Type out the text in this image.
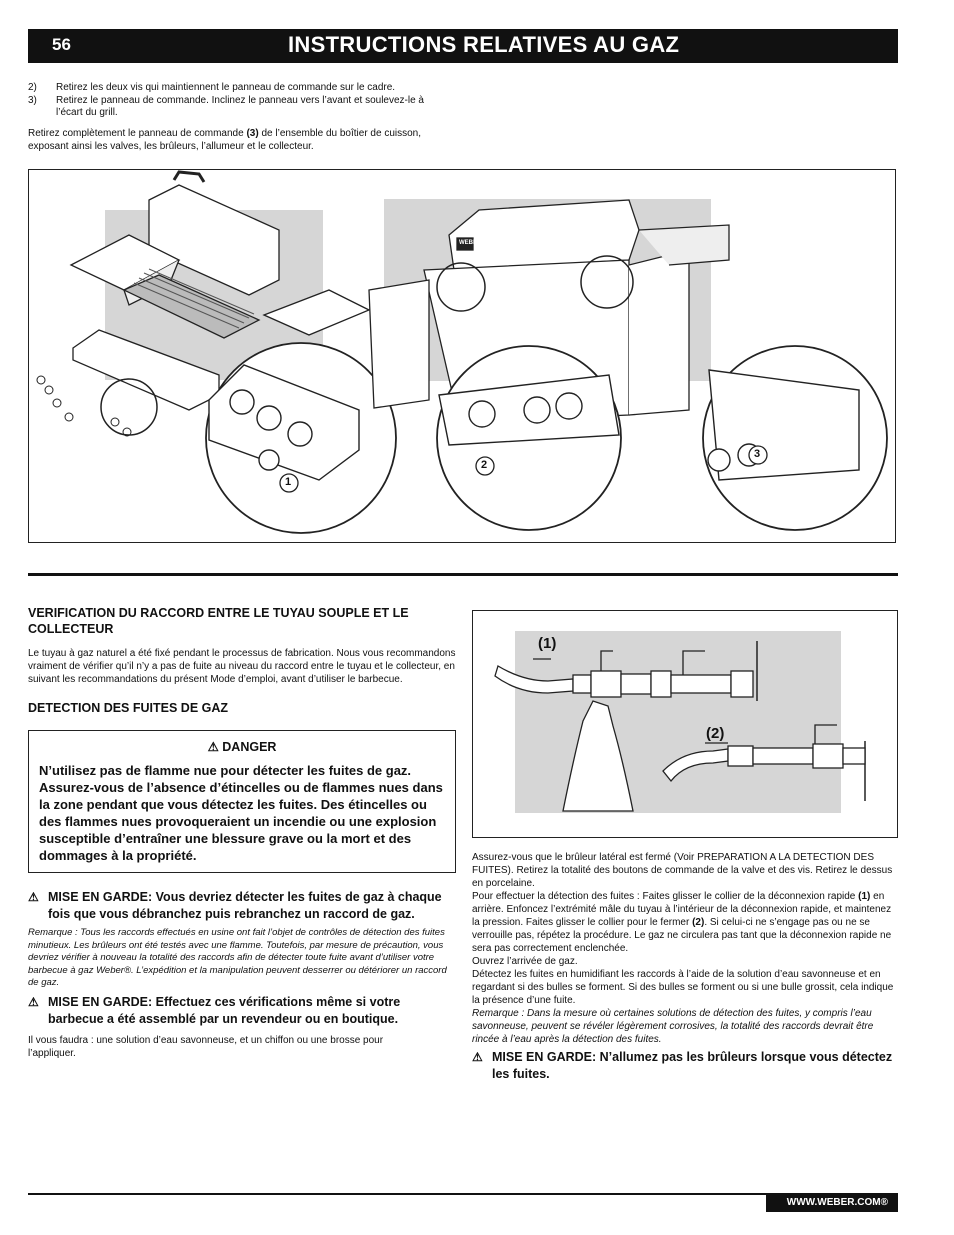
56	INSTRUCTIONS RELATIVES AU GAZ
2)	Retirez les deux vis qui maintiennent le panneau de commande sur le cadre.
3)	Retirez le panneau de commande. Inclinez le panneau vers l’avant et soulevez-le à l’écart du grill.
Retirez complètement le panneau de commande (3) de l’ensemble du boîtier de cuisson, exposant ainsi les valves, les brûleurs, l’allumeur et le collecteur.
1
2
3
WEBER
VERIFICATION DU RACCORD ENTRE LE TUYAU SOUPLE ET LE COLLECTEUR
Le tuyau à gaz naturel a été fixé pendant le processus de fabrication. Nous vous recommandons vraiment de vérifier qu’il n’y a pas de fuite au niveau du raccord entre le tuyau et le collecteur, en suivant les recommandations du présent Mode d’emploi, avant d’utiliser le barbecue.
DETECTION DES FUITES DE GAZ
⚠ DANGER
N’utilisez pas de flamme nue pour détecter les fuites de gaz. Assurez-vous de l’absence d’étincelles ou de flammes nues dans la zone pendant que vous détectez les fuites. Des étincelles ou des flammes nues provoqueraient un incendie ou une explosion susceptible d’entraîner une blessure grave ou la mort et des dommages à la propriété.
⚠ MISE EN GARDE: Vous devriez détecter les fuites de gaz à chaque fois que vous débranchez puis rebranchez un raccord de gaz.
Remarque : Tous les raccords effectués en usine ont fait l’objet de contrôles de détection des fuites minutieux. Les brûleurs ont été testés avec une flamme. Toutefois, par mesure de précaution, vous devriez vérifier à nouveau la totalité des raccords afin de détecter toute fuite avant d’utiliser votre barbecue à gaz Weber®. L’expédition et la manipulation peuvent desserrer ou détériorer un raccord de gaz.
⚠ MISE EN GARDE: Effectuez ces vérifications même si votre barbecue a été assemblé par un revendeur ou en boutique.
Il vous faudra : une solution d’eau savonneuse, et un chiffon ou une brosse pour l’appliquer.
(1)
(2)
Assurez-vous que le brûleur latéral est fermé (Voir PREPARATION A LA DETECTION DES FUITES). Retirez la totalité des boutons de commande de la valve et des vis. Retirez le dessus en porcelaine.
Pour effectuer la détection des fuites : Faites glisser le collier de la déconnexion rapide (1) en arrière. Enfoncez l’extrémité mâle du tuyau à l’intérieur de la déconnexion rapide, et maintenez la pression. Faites glisser le collier pour le fermer (2). Si celui-ci ne s’engage pas ou ne se verrouille pas, répétez la procédure. Le gaz ne circulera pas tant que la déconnexion rapide ne sera pas correctement enclenchée.
Ouvrez l’arrivée de gaz.
Détectez les fuites en humidifiant les raccords à l’aide de la solution d’eau savonneuse et en regardant si des bulles se forment. Si des bulles se forment ou si une bulle grossit, cela indique la présence d’une fuite.
Remarque : Dans la mesure où certaines solutions de détection des fuites, y compris l’eau savonneuse, peuvent se révéler légèrement corrosives, la totalité des raccords devrait être rincée à l’eau après la détection des fuites.
⚠ MISE EN GARDE: N’allumez pas les brûleurs lorsque vous détectez les fuites.
WWW.WEBER.COM®
